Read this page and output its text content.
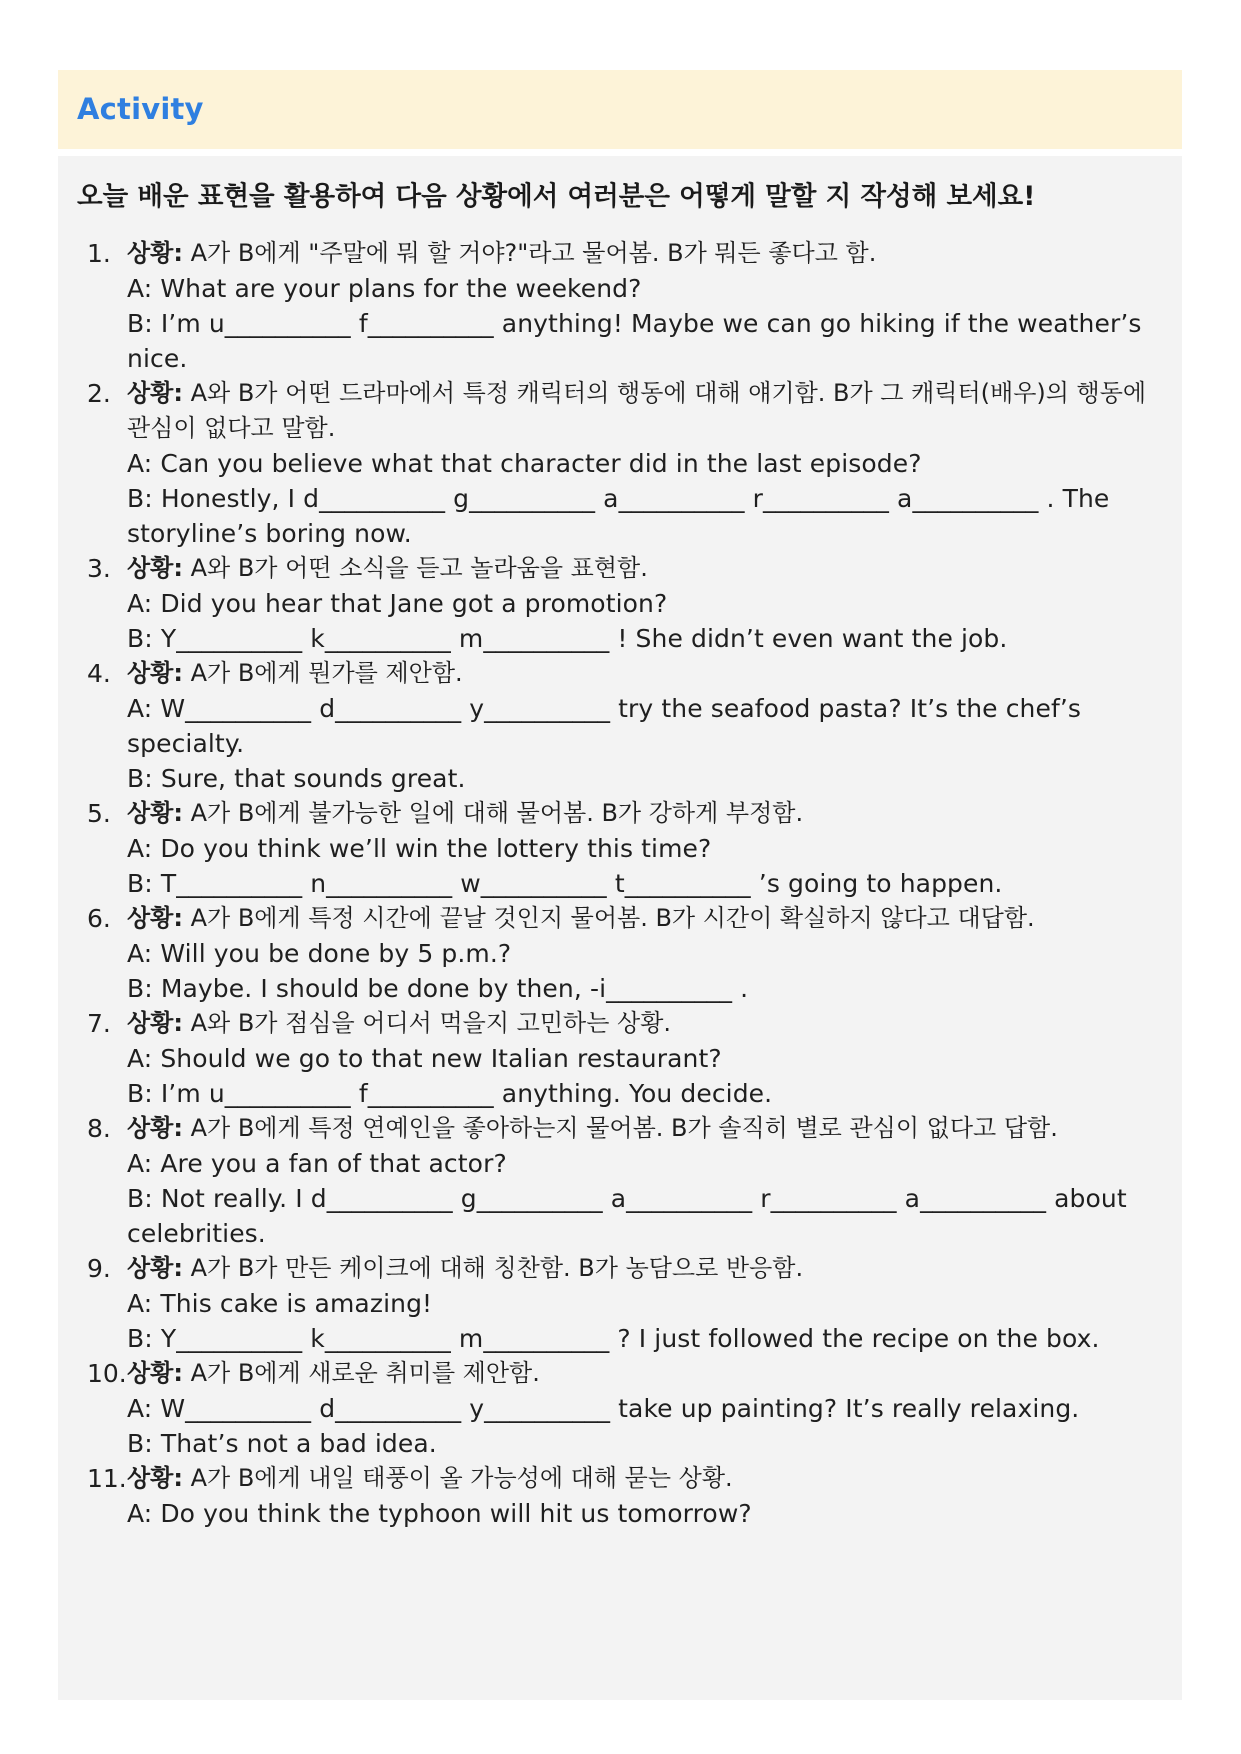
Activity
오늘 배운 표현을 활용하여 다음 상황에서 여러분은 어떻게 말할 지 작성해 보세요!
1. 상황: A가 B에게 "주말에 뭐 할 거야?"라고 물어봄. B가 뭐든 좋다고 함.
A: What are your plans for the weekend?
B: I’m u__________ f__________ anything! Maybe we can go hiking if the weather’s nice.
2. 상황: A와 B가 어떤 드라마에서 특정 캐릭터의 행동에 대해 얘기함. B가 그 캐릭터(배우)의 행동에 관심이 없다고 말함.
A: Can you believe what that character did in the last episode?
B: Honestly, I d__________ g__________ a__________ r__________ a__________ . The storyline’s boring now.
3. 상황: A와 B가 어떤 소식을 듣고 놀라움을 표현함.
A: Did you hear that Jane got a promotion?
B: Y__________ k__________ m__________ ! She didn’t even want the job.
4. 상황: A가 B에게 뭔가를 제안함.
A: W__________ d__________ y__________ try the seafood pasta? It’s the chef’s specialty.
B: Sure, that sounds great.
5. 상황: A가 B에게 불가능한 일에 대해 물어봄. B가 강하게 부정함.
A: Do you think we’ll win the lottery this time?
B: T__________ n__________ w__________ t__________ ’s going to happen.
6. 상황: A가 B에게 특정 시간에 끝날 것인지 물어봄. B가 시간이 확실하지 않다고 대답함.
A: Will you be done by 5 p.m.?
B: Maybe. I should be done by then, -i__________ .
7. 상황: A와 B가 점심을 어디서 먹을지 고민하는 상황.
A: Should we go to that new Italian restaurant?
B: I’m u__________ f__________ anything. You decide.
8. 상황: A가 B에게 특정 연예인을 좋아하는지 물어봄. B가 솔직히 별로 관심이 없다고 답함.
A: Are you a fan of that actor?
B: Not really. I d__________ g__________ a__________ r__________ a__________ about celebrities.
9. 상황: A가 B가 만든 케이크에 대해 칭찬함. B가 농담으로 반응함.
A: This cake is amazing!
B: Y__________ k__________ m__________ ? I just followed the recipe on the box.
10. 상황: A가 B에게 새로운 취미를 제안함.
A: W__________ d__________ y__________ take up painting? It’s really relaxing.
B: That’s not a bad idea.
11. 상황: A가 B에게 내일 태풍이 올 가능성에 대해 묻는 상황.
A: Do you think the typhoon will hit us tomorrow?
